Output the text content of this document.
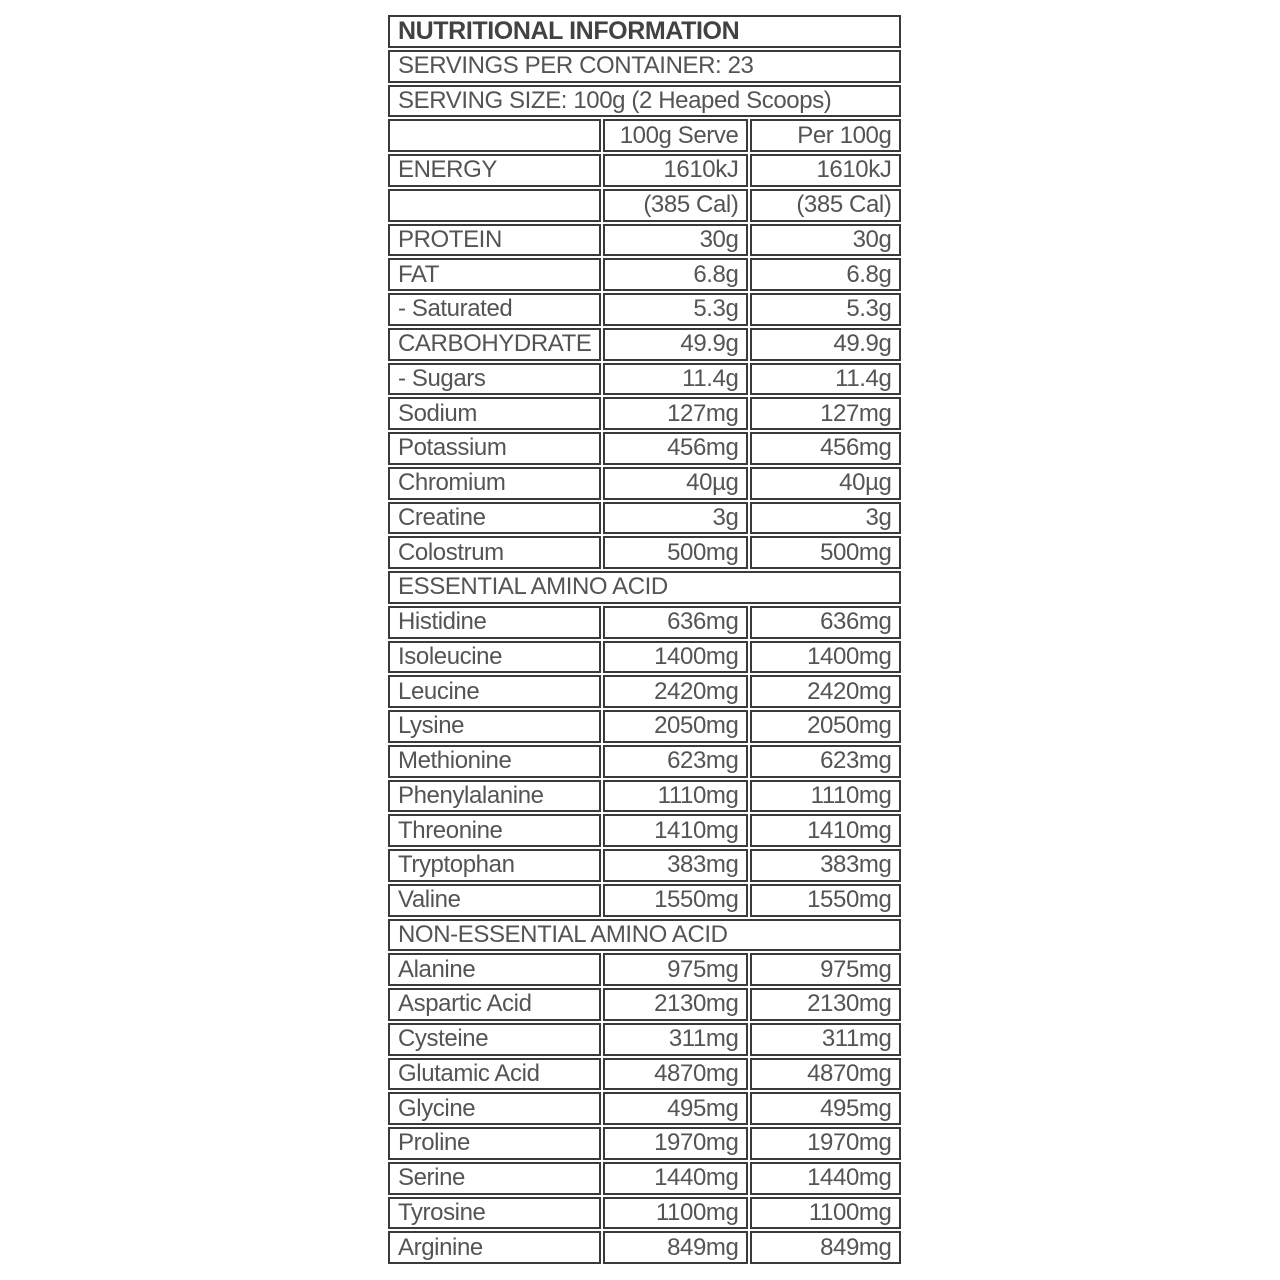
NUTRITIONAL INFORMATION		
SERVINGS PER CONTAINER: 23		
SERVING SIZE: 100g (2 Heaped Scoops)		
	100g Serve	Per 100g
ENERGY	1610kJ	1610kJ
	(385 Cal)	(385 Cal)
PROTEIN	30g	30g
FAT	6.8g	6.8g
- Saturated	5.3g	5.3g
CARBOHYDRATE	49.9g	49.9g
- Sugars	11.4g	11.4g
Sodium	127mg	127mg
Potassium	456mg	456mg
Chromium	40µg	40µg
Creatine	3g	3g
Colostrum	500mg	500mg
ESSENTIAL AMINO ACID		
Histidine	636mg	636mg
Isoleucine	1400mg	1400mg
Leucine	2420mg	2420mg
Lysine	2050mg	2050mg
Methionine	623mg	623mg
Phenylalanine	1110mg	1110mg
Threonine	1410mg	1410mg
Tryptophan	383mg	383mg
Valine	1550mg	1550mg
NON-ESSENTIAL AMINO ACID		
Alanine	975mg	975mg
Aspartic Acid	2130mg	2130mg
Cysteine	311mg	311mg
Glutamic Acid	4870mg	4870mg
Glycine	495mg	495mg
Proline	1970mg	1970mg
Serine	1440mg	1440mg
Tyrosine	1100mg	1100mg
Arginine	849mg	849mg
